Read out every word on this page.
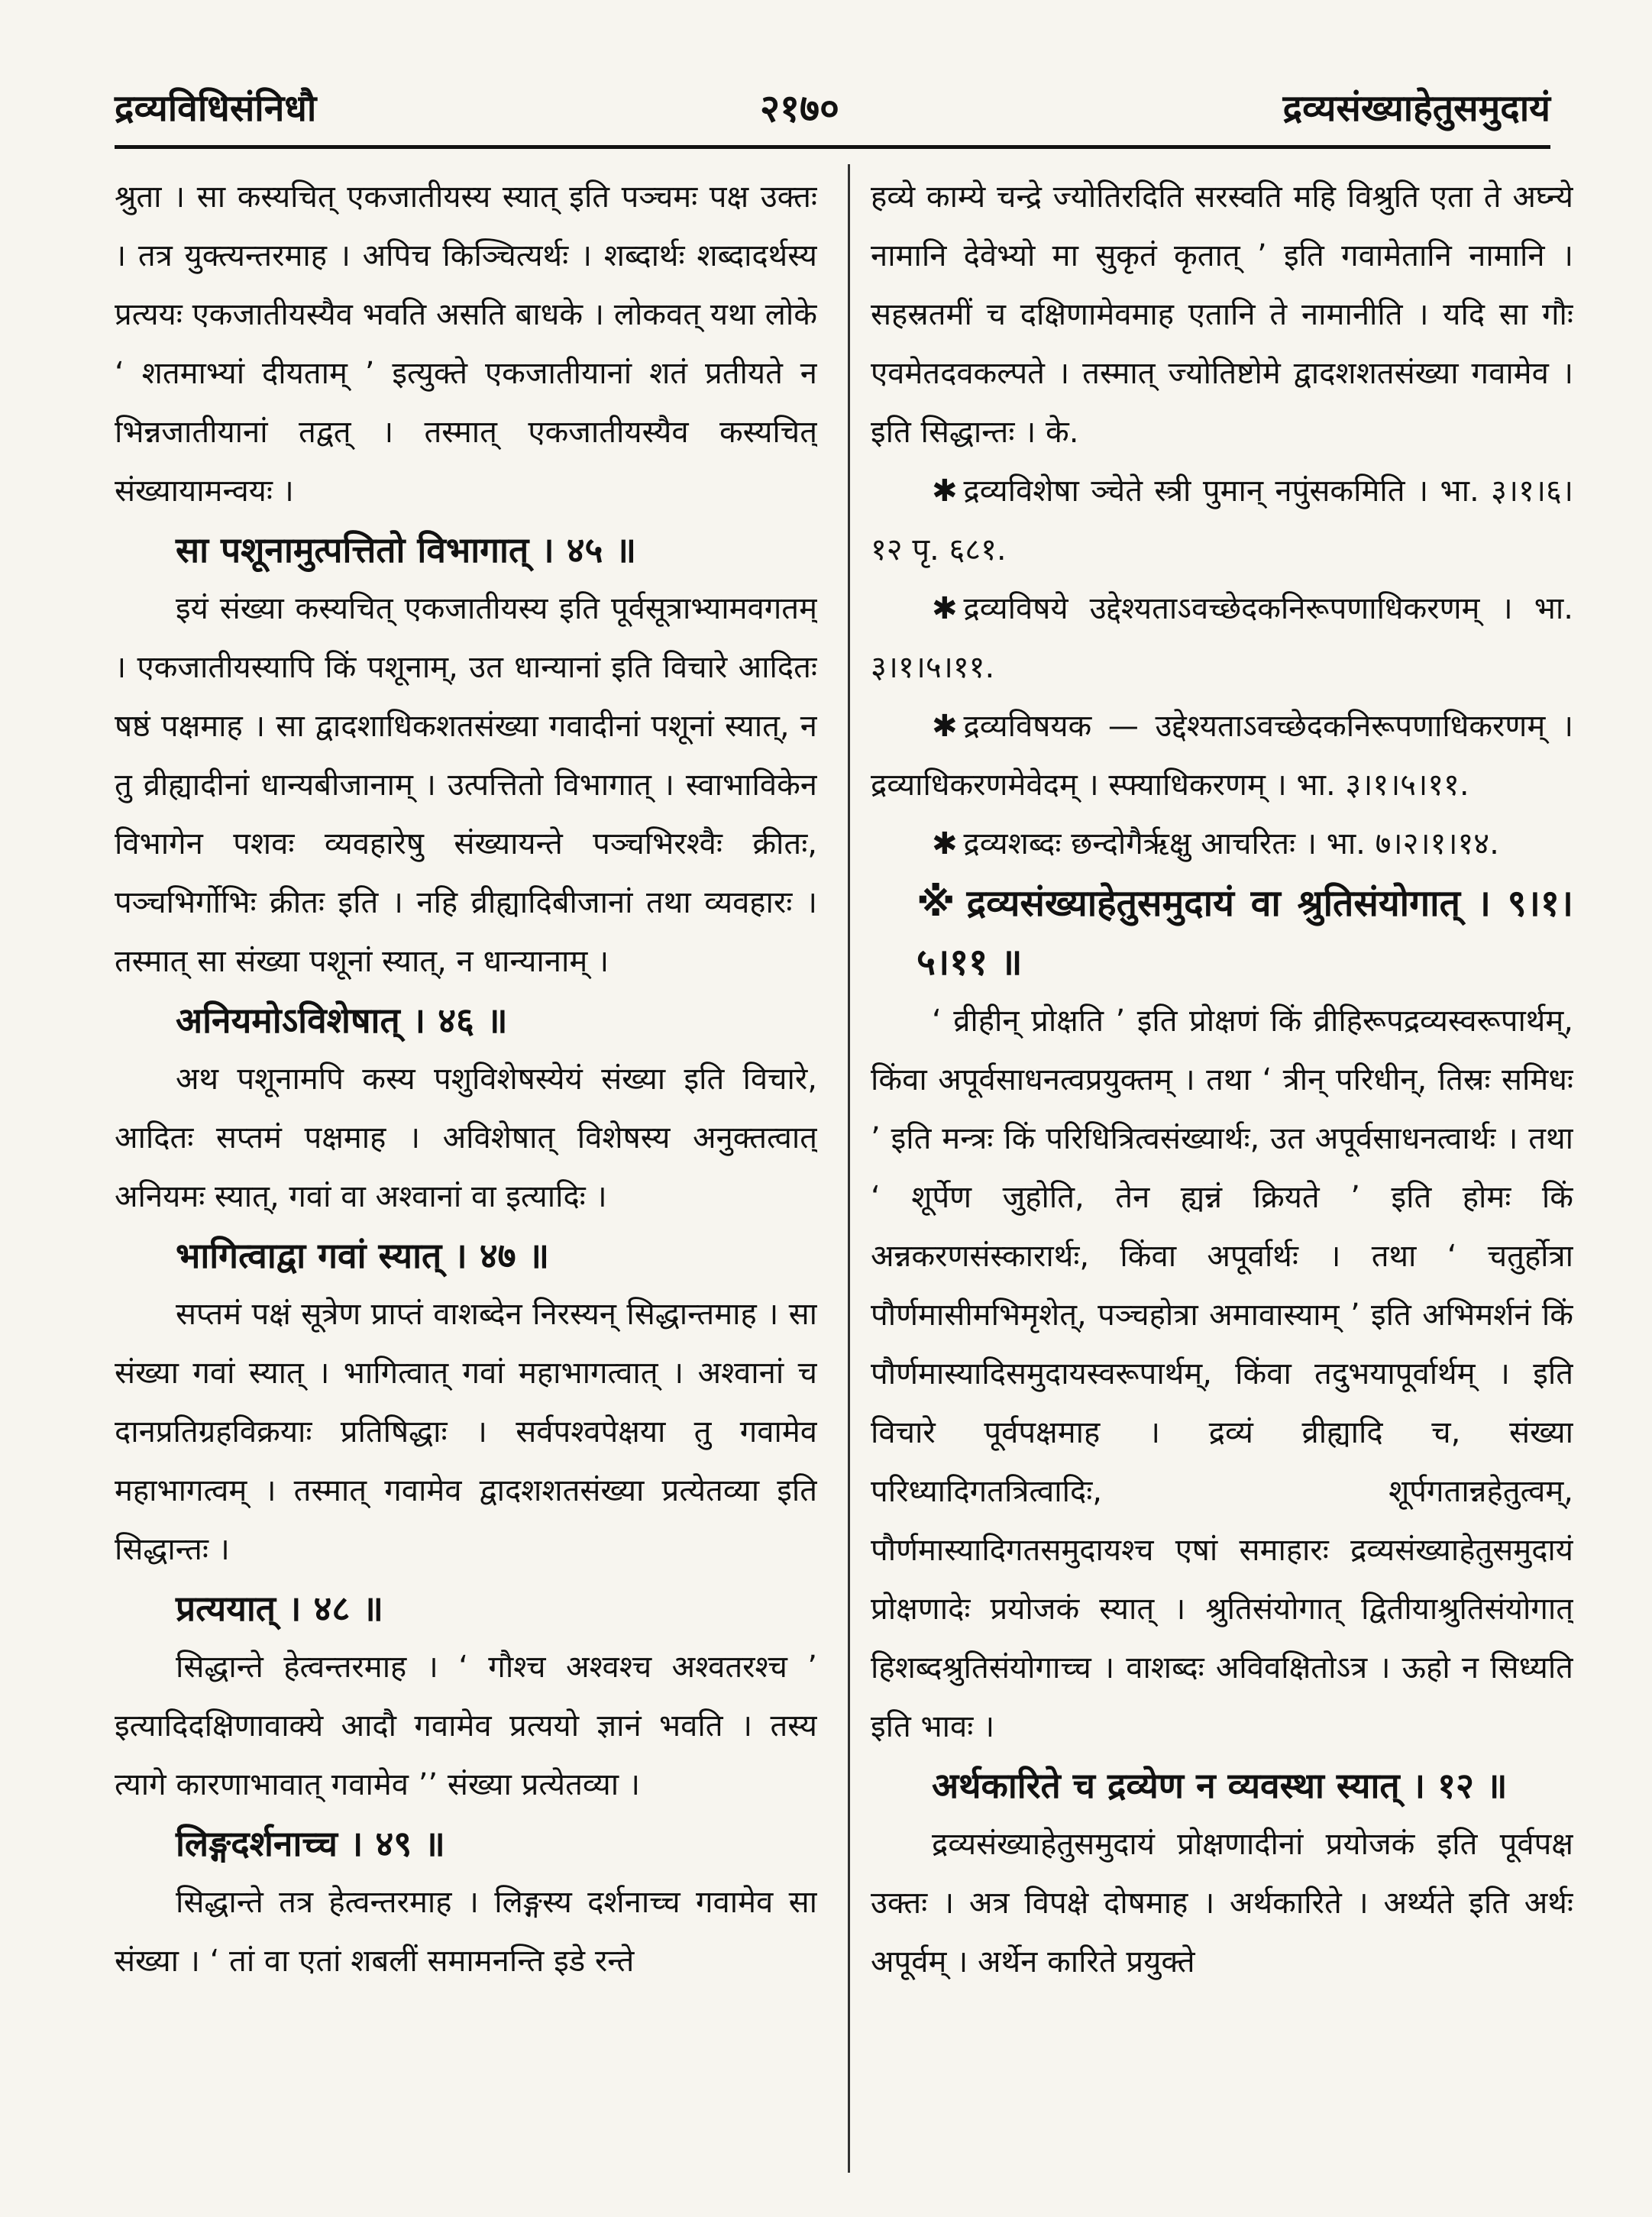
द्रव्यविधिसंनिधौ	२१७०	द्रव्यसंख्याहेतुसमुदायं

श्रुता । सा कस्यचित् एकजातीयस्य स्यात् इति पञ्चमः पक्ष उक्तः । तत्र युक्त्यन्तरमाह । अपिच किञ्चित्यर्थः । शब्दार्थः शब्दादर्थस्य प्रत्ययः एकजातीयस्यैव भवति असति बाधके । लोकवत् यथा लोके ‘ शतमाभ्यां दीयताम् ’ इत्युक्ते एकजातीयानां शतं प्रतीयते न भिन्नजातीयानां तद्वत् । तस्मात् एकजातीयस्यैव कस्यचित् संख्यायामन्वयः ।

सा पशूनामुत्पत्तितो विभागात् । ४५ ॥

इयं संख्या कस्यचित् एकजातीयस्य इति पूर्वसूत्राभ्यामवगतम् । एकजातीयस्यापि किं पशूनाम्, उत धान्यानां इति विचारे आदितः षष्ठं पक्षमाह । सा द्वादशाधिकशतसंख्या गवादीनां पशूनां स्यात्, न तु व्रीह्यादीनां धान्यबीजानाम् । उत्पत्तितो विभागात् । स्वाभाविकेन विभागेन पशवः व्यवहारेषु संख्यायन्ते पञ्चभिरश्वैः क्रीतः, पञ्चभिर्गोभिः क्रीतः इति । नहि व्रीह्यादिबीजानां तथा व्यवहारः । तस्मात् सा संख्या पशूनां स्यात्, न धान्यानाम् ।

अनियमोऽविशेषात् । ४६ ॥

अथ पशूनामपि कस्य पशुविशेषस्येयं संख्या इति विचारे, आदितः सप्तमं पक्षमाह । अविशेषात् विशेषस्य अनुक्तत्वात् अनियमः स्यात्, गवां वा अश्वानां वा इत्यादिः ।

भागित्वाद्वा गवां स्यात् । ४७ ॥

सप्तमं पक्षं सूत्रेण प्राप्तं वाशब्देन निरस्यन् सिद्धान्तमाह । सा संख्या गवां स्यात् । भागित्वात् गवां महाभागत्वात् । अश्वानां च दानप्रतिग्रहविक्रयाः प्रतिषिद्धाः । सर्वपश्वपेक्षया तु गवामेव महाभागत्वम् । तस्मात् गवामेव द्वादशशतसंख्या प्रत्येतव्या इति सिद्धान्तः ।

प्रत्ययात् । ४८ ॥

सिद्धान्ते हेत्वन्तरमाह । ‘ गौश्च अश्वश्च अश्वतरश्च ’ इत्यादिदक्षिणावाक्ये आदौ गवामेव प्रत्ययो ज्ञानं भवति । तस्य त्यागे कारणाभावात् गवामेव ’’ संख्या प्रत्येतव्या ।

लिङ्गदर्शनाच्च । ४९ ॥

सिद्धान्ते तत्र हेत्वन्तरमाह । लिङ्गस्य दर्शनाच्च गवामेव सा संख्या । ‘ तां वा एतां शबलीं समामनन्ति इडे रन्ते

हव्ये काम्ये चन्द्रे ज्योतिरदिति सरस्वति महि विश्रुति एता ते अघ्न्ये नामानि देवेभ्यो मा सुकृतं कृतात् ’ इति गवामेतानि नामानि । सहस्रतमीं च दक्षिणामेवमाह एतानि ते नामानीति । यदि सा गौः एवमेतदवकल्पते । तस्मात् ज्योतिष्टोमे द्वादशशतसंख्या गवामेव । इति सिद्धान्तः । के.

✱ द्रव्यविशेषा ञ्चेते स्त्री पुमान् नपुंसकमिति । भा. ३।१।६।१२ पृ. ६८१.

✱ द्रव्यविषये उद्देश्यताऽवच्छेदकनिरूपणाधिकरणम् । भा. ३।१।५।११.

✱ द्रव्यविषयक — उद्देश्यताऽवच्छेदकनिरूपणाधिकरणम् । द्रव्याधिकरणमेवेदम् । स्फ्याधिकरणम् । भा. ३।१।५।११.

✱ द्रव्यशब्दः छन्दोगैर्ऋक्षु आचरितः । भा. ७।२।१।१४.

※ द्रव्यसंख्याहेतुसमुदायं वा श्रुतिसंयोगात् । ९।१।५।११ ॥

‘ व्रीहीन् प्रोक्षति ’ इति प्रोक्षणं किं व्रीहिरूपद्रव्यस्वरूपार्थम्, किंवा अपूर्वसाधनत्वप्रयुक्तम् । तथा ‘ त्रीन् परिधीन्, तिस्रः समिधः ’ इति मन्त्रः किं परिधित्रित्वसंख्यार्थः, उत अपूर्वसाधनत्वार्थः । तथा ‘ शूर्पेण जुहोति, तेन ह्यन्नं क्रियते ’ इति होमः किं अन्नकरणसंस्कारार्थः, किंवा अपूर्वार्थः । तथा ‘ चतुर्होत्रा पौर्णमासीमभिमृशेत्, पञ्चहोत्रा अमावास्याम् ’ इति अभिमर्शनं किं पौर्णमास्यादिसमुदायस्वरूपार्थम्, किंवा तदुभयापूर्वार्थम् । इति विचारे पूर्वपक्षमाह । द्रव्यं व्रीह्यादि च, संख्या परिध्यादिगतत्रित्वादिः, शूर्पगतान्नहेतुत्वम्, पौर्णमास्यादिगतसमुदायश्च एषां समाहारः द्रव्यसंख्याहेतुसमुदायं प्रोक्षणादेः प्रयोजकं स्यात् । श्रुतिसंयोगात् द्वितीयाश्रुतिसंयोगात् हिशब्दश्रुतिसंयोगाच्च । वाशब्दः अविवक्षितोऽत्र । ऊहो न सिध्यति इति भावः ।

अर्थकारिते च द्रव्येण न व्यवस्था स्यात् । १२ ॥

द्रव्यसंख्याहेतुसमुदायं प्रोक्षणादीनां प्रयोजकं इति पूर्वपक्ष उक्तः । अत्र विपक्षे दोषमाह । अर्थकारिते । अर्थ्यते इति अर्थः अपूर्वम् । अर्थेन कारिते प्रयुक्ते
